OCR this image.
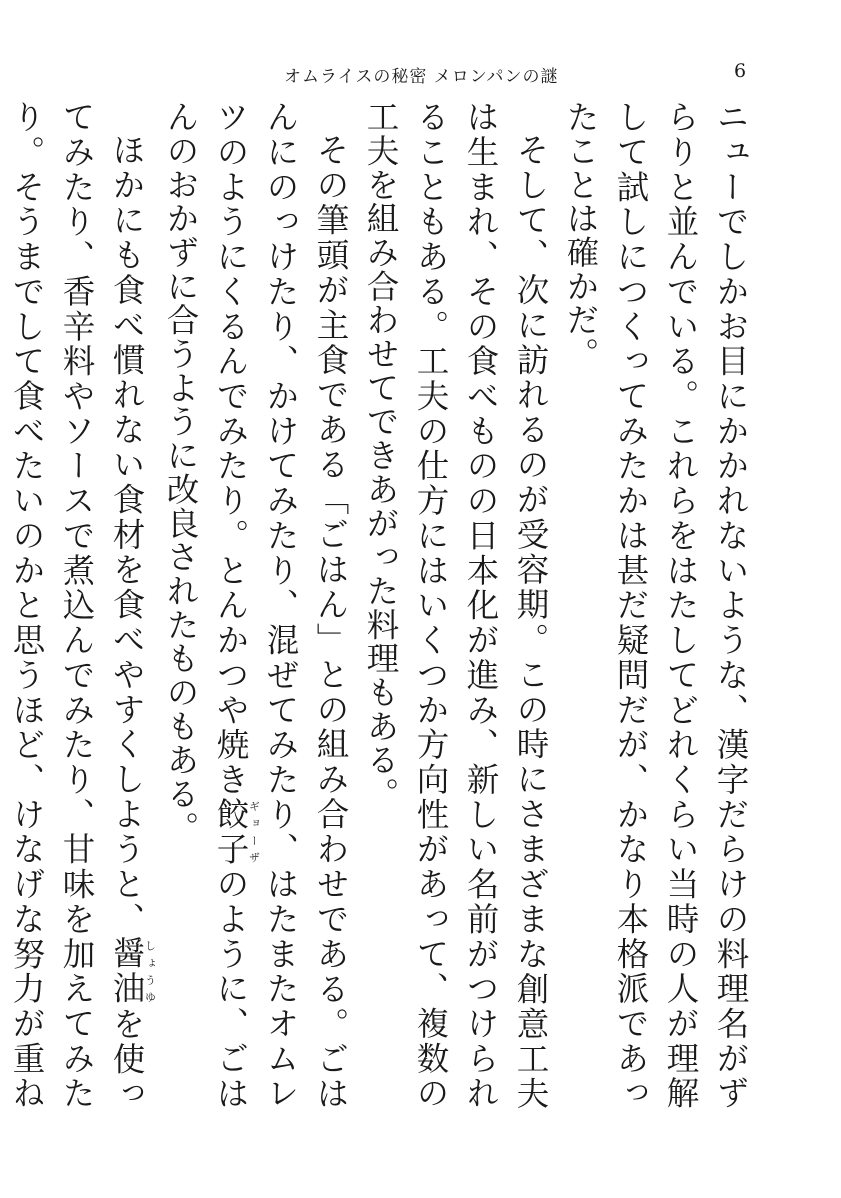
オムライスの秘密 メロンパンの謎	6

ニューでしかお目にかかれないような、漢字だらけの料理名がずらりと並んでいる。これらをはたしてどれくらい当時の人が理解して試しにつくってみたかは甚だ疑問だが、かなり本格派であったことは確かだ。

そして、次に訪れるのが受容期。この時にさまざまな創意工夫は生まれ、その食べものの日本化が進み、新しい名前がつけられることもある。工夫の仕方にはいくつか方向性があって、複数の工夫を組み合わせてできあがった料理もある。

その筆頭が主食である「ごはん」との組み合わせである。ごはんにのっけたり、かけてみたり、混ぜてみたり、はたまたオムレツのようにくるんでみたり。とんかつや焼き餃子ギョーザのように、ごはんのおかずに合うように改良されたものもある。

ほかにも食べ慣れない食材を食べやすくしようと、醤油しょうゆを使ってみたり、香辛料やソースで煮込んでみたり、甘味を加えてみたり。そうまでして食べたいのかと思うほど、けなげな努力が重ね
